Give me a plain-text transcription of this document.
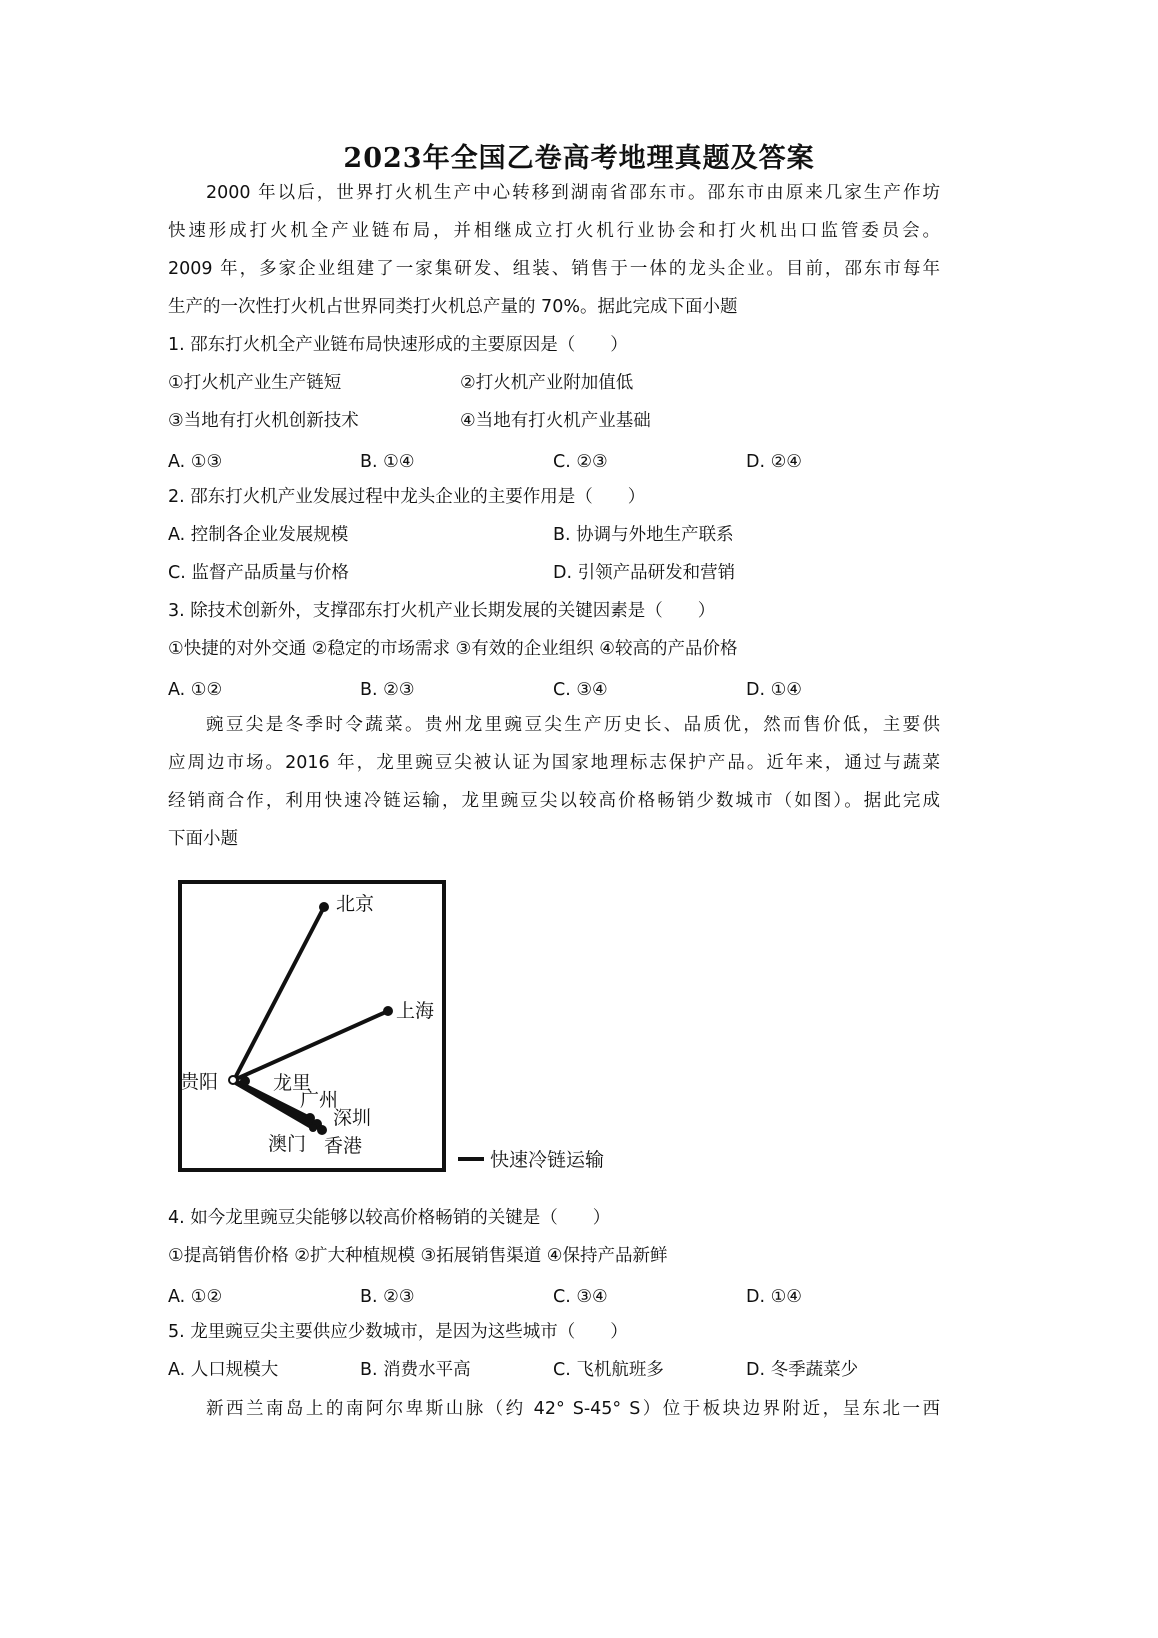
2023年全国乙卷高考地理真题及答案
2000 年以后，世界打火机生产中心转移到湖南省邵东市。邵东市由原来几家生产作坊
快速形成打火机全产业链布局，并相继成立打火机行业协会和打火机出口监管委员会。
2009 年，多家企业组建了一家集研发、组装、销售于一体的龙头企业。目前，邵东市每年
生产的一次性打火机占世界同类打火机总产量的 70%。据此完成下面小题
1. 邵东打火机全产业链布局快速形成的主要原因是（　　）
①打火机产业生产链短	②打火机产业附加值低
③当地有打火机创新技术	④当地有打火机产业基础
A. ①③	B. ①④	C. ②③	D. ②④
2. 邵东打火机产业发展过程中龙头企业的主要作用是（　　）
A. 控制各企业发展规模	B. 协调与外地生产联系
C. 监督产品质量与价格	D. 引领产品研发和营销
3. 除技术创新外，支撑邵东打火机产业长期发展的关键因素是（　　）
①快捷的对外交通 ②稳定的市场需求 ③有效的企业组织 ④较高的产品价格
A. ①②	B. ②③	C. ③④	D. ①④
豌豆尖是冬季时令蔬菜。贵州龙里豌豆尖生产历史长、品质优，然而售价低，主要供
应周边市场。2016 年，龙里豌豆尖被认证为国家地理标志保护产品。近年来，通过与蔬菜
经销商合作，利用快速冷链运输，龙里豌豆尖以较高价格畅销少数城市（如图）。据此完成
下面小题
北京
上海
贵阳	龙里
广州
深圳
澳门 香港
快速冷链运输
4. 如今龙里豌豆尖能够以较高价格畅销的关键是（　　）
①提高销售价格 ②扩大种植规模 ③拓展销售渠道 ④保持产品新鲜
A. ①②	B. ②③	C. ③④	D. ①④
5. 龙里豌豆尖主要供应少数城市，是因为这些城市（　　）
A. 人口规模大	B. 消费水平高	C. 飞机航班多	D. 冬季蔬菜少
新西兰南岛上的南阿尔卑斯山脉（约 42° S-45° S）位于板块边界附近，呈东北一西
